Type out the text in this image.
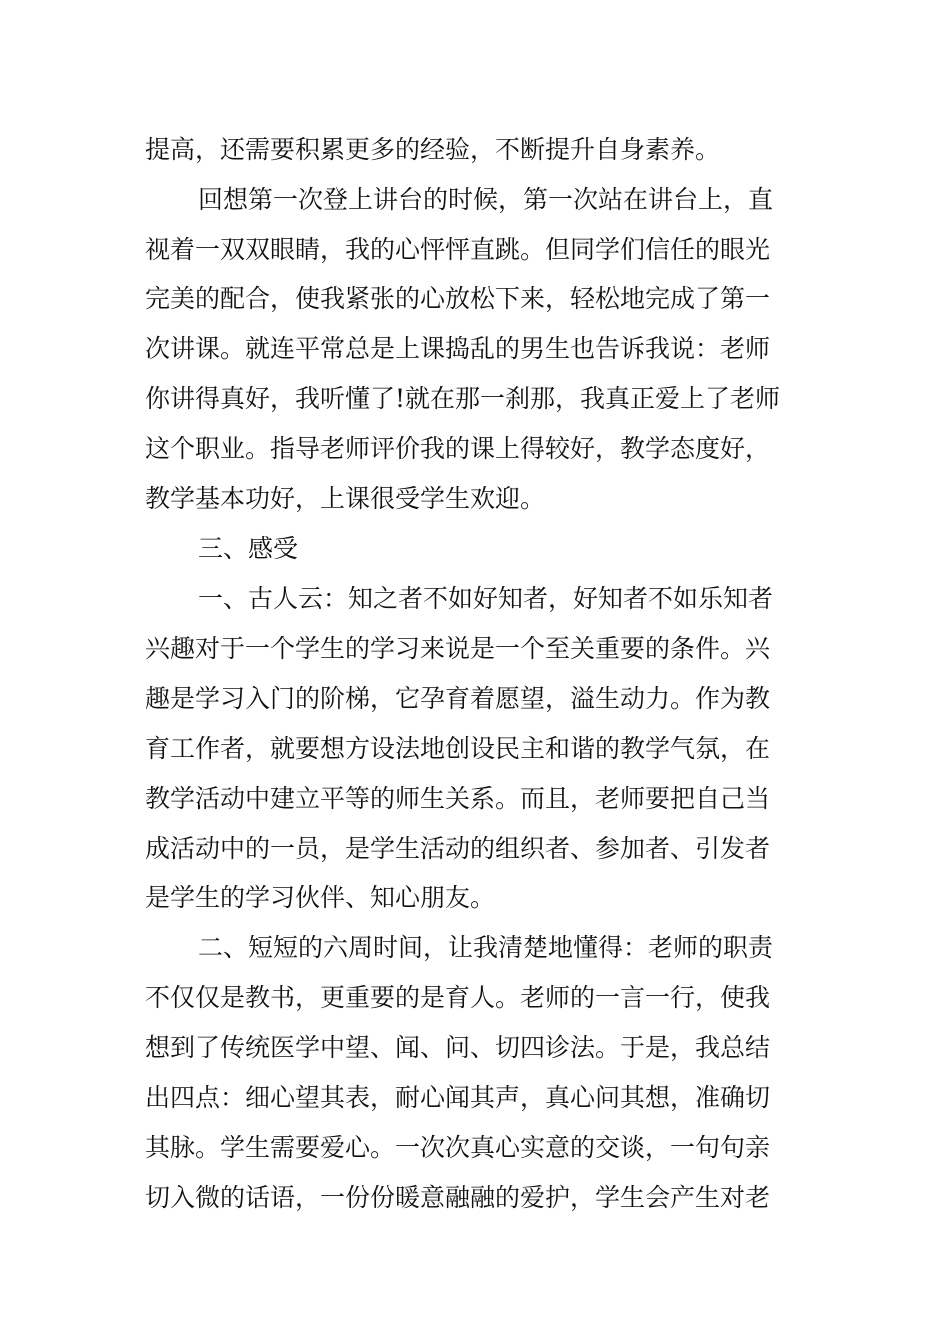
提高，还需要积累更多的经验，不断提升自身素养。
回想第一次登上讲台的时候，第一次站在讲台上，直
视着一双双眼睛，我的心怦怦直跳。但同学们信任的眼光
完美的配合，使我紧张的心放松下来，轻松地完成了第一
次讲课。就连平常总是上课捣乱的男生也告诉我说：老师
你讲得真好，我听懂了!就在那一刹那，我真正爱上了老师
这个职业。指导老师评价我的课上得较好，教学态度好，
教学基本功好，上课很受学生欢迎。
三、感受
一、古人云：知之者不如好知者，好知者不如乐知者
兴趣对于一个学生的学习来说是一个至关重要的条件。兴
趣是学习入门的阶梯，它孕育着愿望，溢生动力。作为教
育工作者，就要想方设法地创设民主和谐的教学气氛，在
教学活动中建立平等的师生关系。而且，老师要把自己当
成活动中的一员，是学生活动的组织者、参加者、引发者
是学生的学习伙伴、知心朋友。
二、短短的六周时间，让我清楚地懂得：老师的职责
不仅仅是教书，更重要的是育人。老师的一言一行，使我
想到了传统医学中望、闻、问、切四诊法。于是，我总结
出四点：细心望其表，耐心闻其声，真心问其想，准确切
其脉。学生需要爱心。一次次真心实意的交谈，一句句亲
切入微的话语，一份份暖意融融的爱护，学生会产生对老
